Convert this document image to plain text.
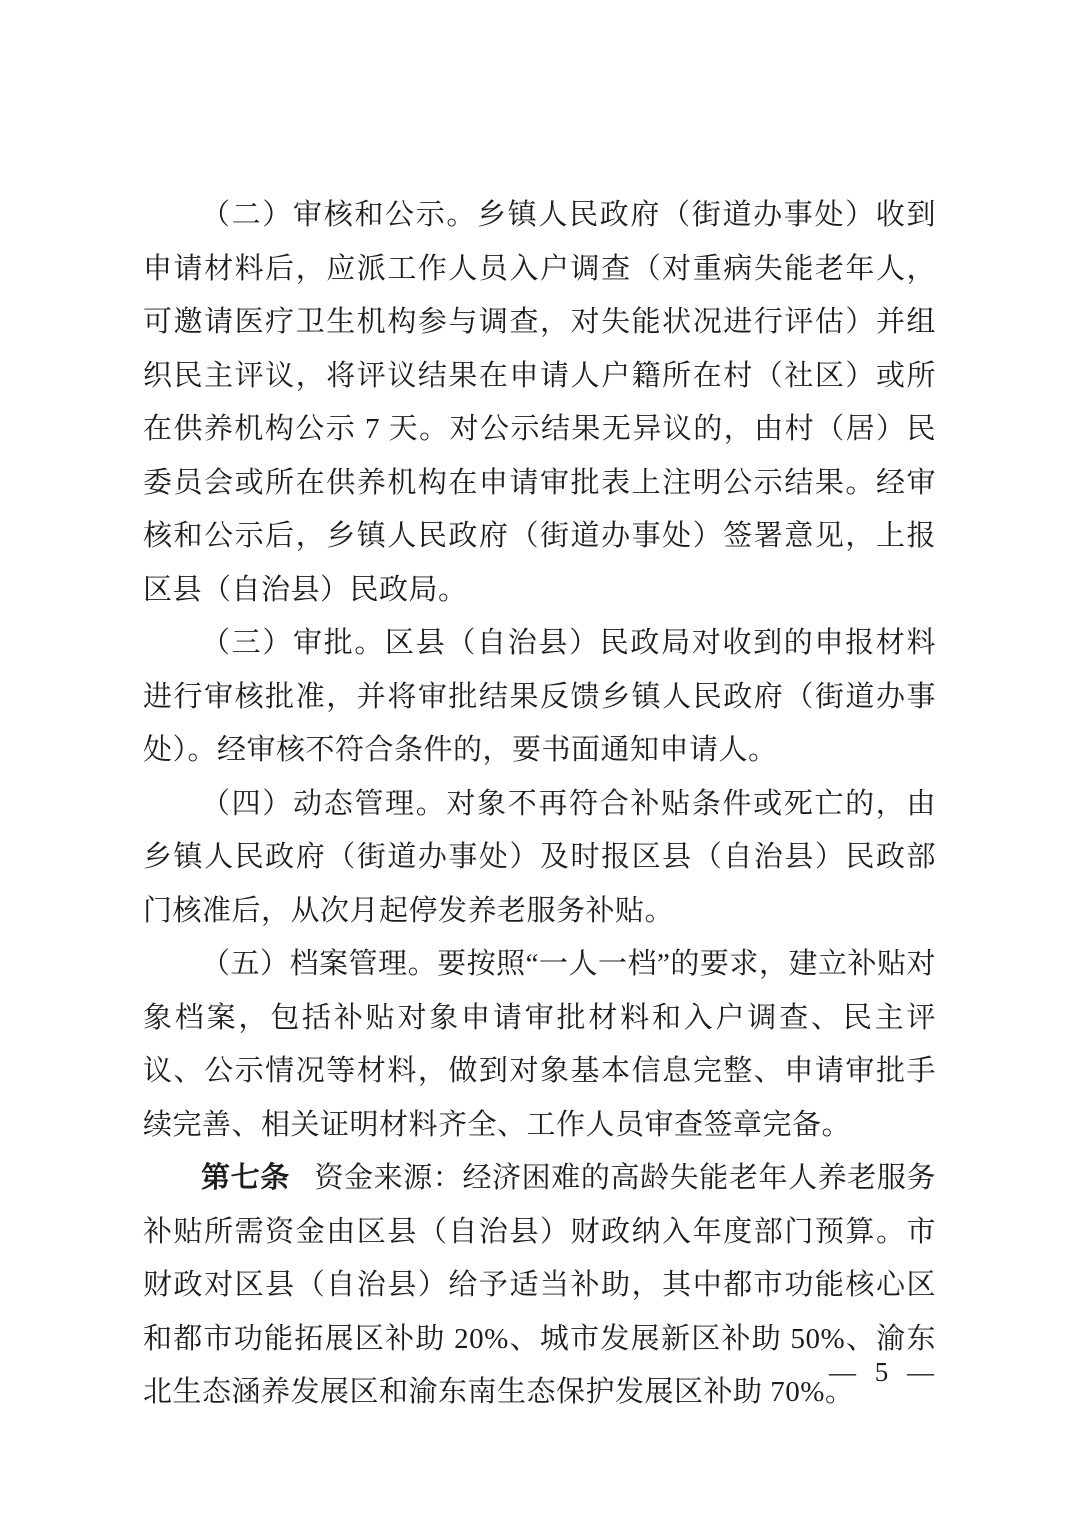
（二）审核和公示。乡镇人民政府（街道办事处）收到申请材料后，应派工作人员入户调查（对重病失能老年人，可邀请医疗卫生机构参与调查，对失能状况进行评估）并组织民主评议，将评议结果在申请人户籍所在村（社区）或所在供养机构公示 7 天。对公示结果无异议的，由村（居）民委员会或所在供养机构在申请审批表上注明公示结果。经审核和公示后，乡镇人民政府（街道办事处）签署意见，上报区县（自治县）民政局。

（三）审批。区县（自治县）民政局对收到的申报材料进行审核批准，并将审批结果反馈乡镇人民政府（街道办事处）。经审核不符合条件的，要书面通知申请人。

（四）动态管理。对象不再符合补贴条件或死亡的，由乡镇人民政府（街道办事处）及时报区县（自治县）民政部门核准后，从次月起停发养老服务补贴。

（五）档案管理。要按照“一人一档”的要求，建立补贴对象档案，包括补贴对象申请审批材料和入户调查、民主评议、公示情况等材料，做到对象基本信息完整、申请审批手续完善、相关证明材料齐全、工作人员审查签章完备。

第七条 资金来源：经济困难的高龄失能老年人养老服务补贴所需资金由区县（自治县）财政纳入年度部门预算。市财政对区县（自治县）给予适当补助，其中都市功能核心区和都市功能拓展区补助 20%、城市发展新区补助 50%、渝东北生态涵养发展区和渝东南生态保护发展区补助 70%。

— 5 —
